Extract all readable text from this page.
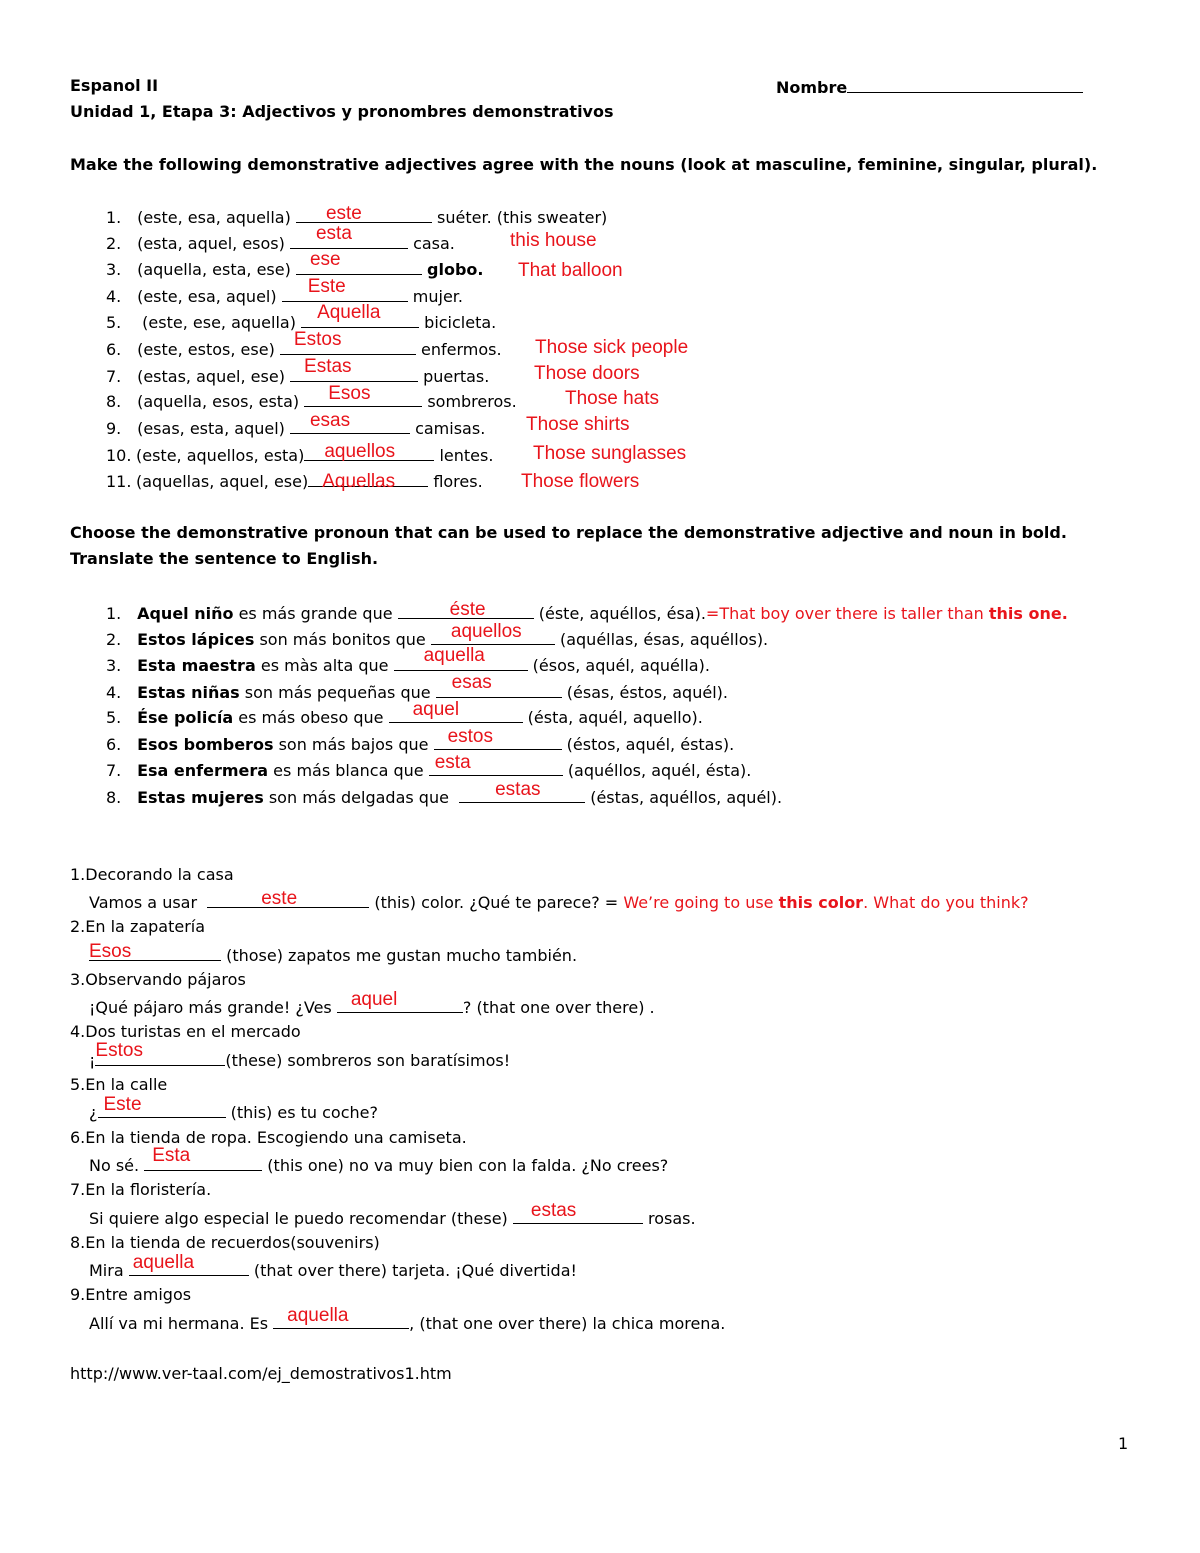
Espanol II	Nombre
Unidad 1, Etapa 3: Adjectivos y pronombres demonstrativos
Make the following demonstrative adjectives agree with the nouns (look at masculine, feminine, singular, plural).
1. (este, esa, aquella) este	suéter. (this sweater)
2. (esta, aquel, esos) esta	casa.	this house
3. (aquella, esta, ese) ese	globo. That balloon
4. (este, esa, aquel) Este	mujer.
5. (este, ese, aquella) Aquella	bicicleta.
6. (este, estos, ese) Estos	enfermos. Those sick people
7. (estas, aquel, ese) Estas	puertas. Those doors
8. (aquella, esos, esta) Esos	sombreros.	Those hats
9. (esas, esta, aquel) esas	camisas. Those shirts
10. (este, aquellos, esta) aquellos	lentes. Those sunglasses
11. (aquellas, aquel, ese) Aquellas flores. Those flowers
Choose the demonstrative pronoun that can be used to replace the demonstrative adjective and noun in bold.
Translate the sentence to English.
1. Aquel niño es más grande que	éste	(éste, aquéllos, ésa).=That boy over there is taller than this one.
2. Estos lápices son más bonitos que aquellos (aquéllas, ésas, aquéllos).
3. Esta maestra es màs alta que aquella	(ésos, aquél, aquélla).
4. Estas niñas son más pequeñas que esas	(ésas, éstos, aquél).
5. Ése policía es más obeso que aquel	(ésta, aquél, aquello).
6. Esos bomberos son más bajos que estos	(éstos, aquél, éstas).
7. Esa enfermera es más blanca que esta	(aquéllos, aquél, ésta).
8. Estas mujeres son más delgadas que estas	(éstas, aquéllos, aquél).
1.Decorando la casa
Vamos a usar	este	(this) color. ¿Qué te parece? = We’re going to use this color. What do you think?
2.En la zapatería
Esos	(those) zapatos me gustan mucho también.
3.Observando pájaros
¡Qué pájaro más grande! ¿Ves aquel	? (that one over there) .
4.Dos turistas en el mercado
¡ Estos	(these) sombreros son baratísimos!
5.En la calle
¿ Este	(this) es tu coche?
6.En la tienda de ropa. Escogiendo una camiseta.
No sé. Esta	(this one) no va muy bien con la falda. ¿No crees?
7.En la floristería.
Si quiere algo especial le puedo recomendar (these) estas	rosas.
8.En la tienda de recuerdos(souvenirs)
Mira aquella	(that over there) tarjeta. ¡Qué divertida!
9.Entre amigos
Allí va mi hermana. Es aquella	, (that one over there) la chica morena.
http://www.ver-taal.com/ej_demostrativos1.htm
1
